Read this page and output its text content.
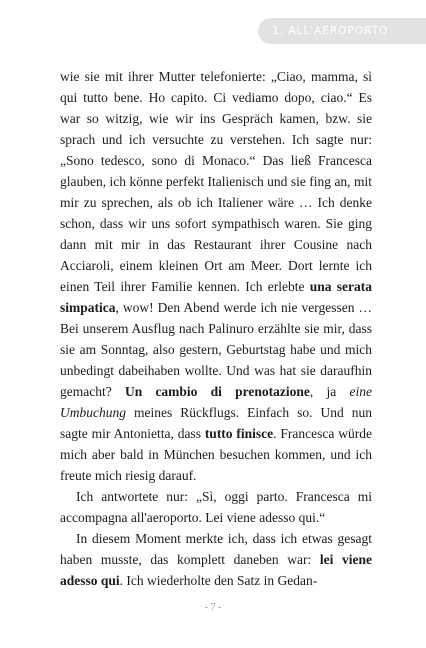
1. ALL'AEROPORTO

wie sie mit ihrer Mutter telefonierte: „Ciao, mamma, sì qui tutto bene. Ho capito. Ci vediamo dopo, ciao.“ Es war so witzig, wie wir ins Gespräch kamen, bzw. sie sprach und ich versuchte zu verstehen. Ich sagte nur: „Sono tedesco, sono di Monaco.“ Das ließ Francesca glauben, ich könne perfekt Italienisch und sie fing an, mit mir zu sprechen, als ob ich Italiener wäre … Ich denke schon, dass wir uns sofort sympathisch waren. Sie ging dann mit mir in das Restaurant ihrer Cousine nach Acciaroli, einem kleinen Ort am Meer. Dort lernte ich einen Teil ihrer Familie kennen. Ich erlebte una serata simpatica, wow! Den Abend werde ich nie vergessen … Bei unserem Ausflug nach Palinuro erzählte sie mir, dass sie am Sonntag, also gestern, Geburtstag habe und mich unbedingt dabeihaben wollte. Und was hat sie daraufhin gemacht? Un cambio di prenotazione, ja eine Umbuchung meines Rückflugs. Einfach so. Und nun sagte mir Antonietta, dass tutto finisce. Francesca würde mich aber bald in München besuchen kommen, und ich freute mich riesig darauf.

Ich antwortete nur: „Sì, oggi parto. Francesca mi accompagna all'aeroporto. Lei viene adesso qui.“

In diesem Moment merkte ich, dass ich etwas gesagt haben musste, das komplett daneben war: lei viene adesso qui. Ich wiederholte den Satz in Gedan-

- 7 -
